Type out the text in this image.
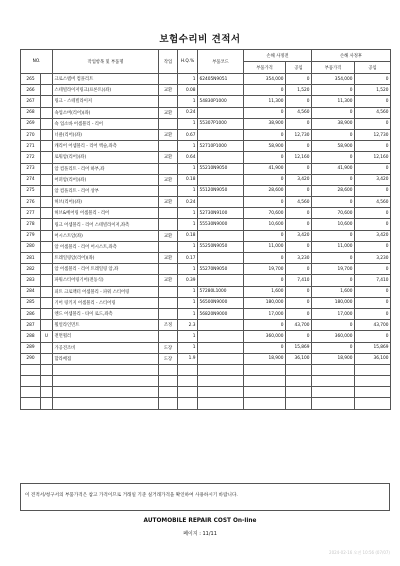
보험수리비 견적서
NO.		작업항목 및 부품명	작업	H.Q.%	부품코드	손해 사정전		손해 사정후	
						부품가격	공임	부품가격	공임
265		크로스멤버 컴플리트		1	62405N9051	354,000	0	354,000	0
266		스테빌라이저링크(프론트)(좌)	교환	0.08		0	1,520	0	1,520
267		링크 - 스테빌라이저		1	54830P1000	11,300	0	11,300	0
268		속업소버(리어)(좌)	교환	0.24		0	4,560	0	4,560
269		쇽 업소바 어셈블리 - 리어		1	55307P1000	38,900	0	38,900	0
270		너클(리어)(좌)	교환	0.67		0	12,730	0	12,730
271		캐리어 어셈블리 - 리어 액슬,좌측		1	52710P1000	58,900	0	58,900	0
272		로워암(리어)(좌)	교환	0.64		0	12,160	0	12,160
273		암 컴플리트 - 리어 하부,좌		1	55210N9050	41,900	0	41,900	0
274		어퍼암(리어)(좌)	교환	0.18		0	3,420	0	3,420
275		암 컴플리트 - 리어 상부		1	55120N9050	28,600	0	28,600	0
276		허브(리어)(좌)	교환	0.24		0	4,560	0	4,560
277		허브&베어링 어셈블리 - 리어		1	52730N9100	70,600	0	70,600	0
278		링크 어셈블리 - 리어 스테빌라이저,좌측		1	55530N9000	10,600	0	10,600	0
279		어시스트암(좌)	교환	0.18		0	3,420	0	3,420
280		암 어셈블리 - 리어 어시스트,좌측		1	55250N9050	11,000	0	11,000	0
281		트레일링암(리어)(좌)	교환	0.17		0	3,230	0	3,230
282		암 어셈블리 - 리어 트레일링 암,좌		1	55270N9050	19,700	0	19,700	0
283		파워스티어링기어(전동식)	교환	0.39		0	7,410	0	7,410
284		피트 크로맥터 어셈블리 - 파워 스티어링		1	57280L1000	1,600	0	1,600	0
285		기어 링키지 어셈블리 - 스티어링		1	56500N9000	180,000	0	180,000	0
286		엔드 어셈블리 - 타이 로드,좌측		1	56820N9000	17,000	0	17,000	0
287		휠얼라인먼트	조정	2.3		0	43,700	0	43,700
288	U	전면휠러		1		360,000	0	360,000	0
289		가공견조비	도장	1		0	15,869	0	15,869
290		합라배접	도장	1.9		18,900	36,100	18,900	36,100

이 견적서/청구서의 부품가격은 참고 가격이므로 거래일 기준 실거래가격을 확인하여 사용하시기 바랍니다.
AUTOMOBILE REPAIR COST On-line
페이지 : 11/11
2024-02-16 오전 10:56 (07/07)
